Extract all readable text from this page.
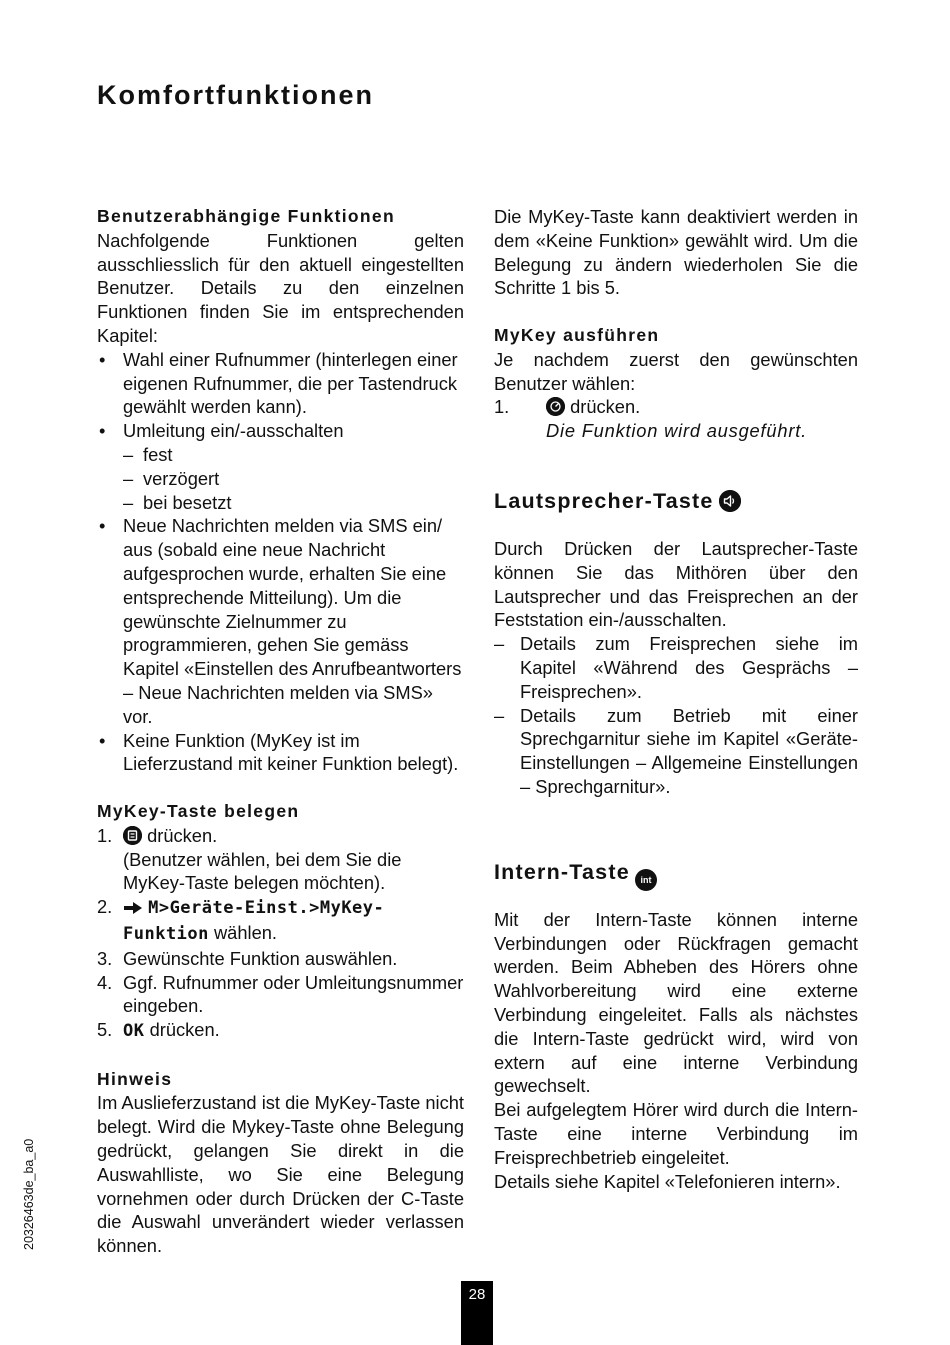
Komfortfunktionen
Benutzerabhängige Funktionen

Nachfolgende Funktionen gelten ausschliesslich für den aktuell eingestellten Benutzer. Details zu den einzelnen Funktionen finden Sie im entsprechenden Kapitel:

• Wahl einer Rufnummer (hinterlegen einer eigenen Rufnummer, die per Tastendruck gewählt werden kann).
• Umleitung ein/-ausschalten
– fest
– verzögert
– bei besetzt
• Neue Nachrichten melden via SMS ein/ aus (sobald eine neue Nachricht aufgesprochen wurde, erhalten Sie eine entsprechende Mitteilung). Um die gewünschte Zielnummer zu programmieren, gehen Sie gemäss Kapitel «Einstellen des Anrufbeantworters – Neue Nachrichten melden via SMS» vor.
• Keine Funktion (MyKey ist im Lieferzustand mit keiner Funktion belegt).
MyKey-Taste belegen
1. drücken.
(Benutzer wählen, bei dem Sie die MyKey-Taste belegen möchten).
2. M>Geräte-Einst.>MyKey-Funktion wählen.
3. Gewünschte Funktion auswählen.
4. Ggf. Rufnummer oder Umleitungsnummer eingeben.
5. OK drücken.
Hinweis

Im Auslieferzustand ist die MyKey-Taste nicht belegt. Wird die Mykey-Taste ohne Belegung gedrückt, gelangen Sie direkt in die Auswahlliste, wo Sie eine Belegung vornehmen oder durch Drücken der C-Taste die Auswahl unverändert wieder verlassen können.

Die MyKey-Taste kann deaktiviert werden in dem «Keine Funktion» gewählt wird. Um die Belegung zu ändern wiederholen Sie die Schritte 1 bis 5.

MyKey ausführen

Je nachdem zuerst den gewünschten Benutzer wählen:

1.	drücken.
Die Funktion wird ausgeführt.
Lautsprecher-Taste

Durch Drücken der Lautsprecher-Taste können Sie das Mithören über den Lautsprecher und das Freisprechen an der Feststation ein-/ausschalten.

– Details zum Freisprechen siehe im Kapitel «Während des Gesprächs – Freisprechen».
– Details zum Betrieb mit einer Sprechgarnitur siehe im Kapitel «Geräte-Einstellungen – Allgemeine Einstellungen – Sprechgarnitur».
Intern-Taste int

Mit der Intern-Taste können interne Verbindungen oder Rückfragen gemacht werden. Beim Abheben des Hörers ohne Wahlvorbereitung wird eine externe Verbindung eingeleitet. Falls als nächstes die Intern-Taste gedrückt wird, wird von extern auf eine interne Verbindung gewechselt.

Bei aufgelegtem Hörer wird durch die Intern-Taste eine interne Verbindung im Freisprechbetrieb eingeleitet.

Details siehe Kapitel «Telefonieren intern».

20326463de_ba_a0
28
